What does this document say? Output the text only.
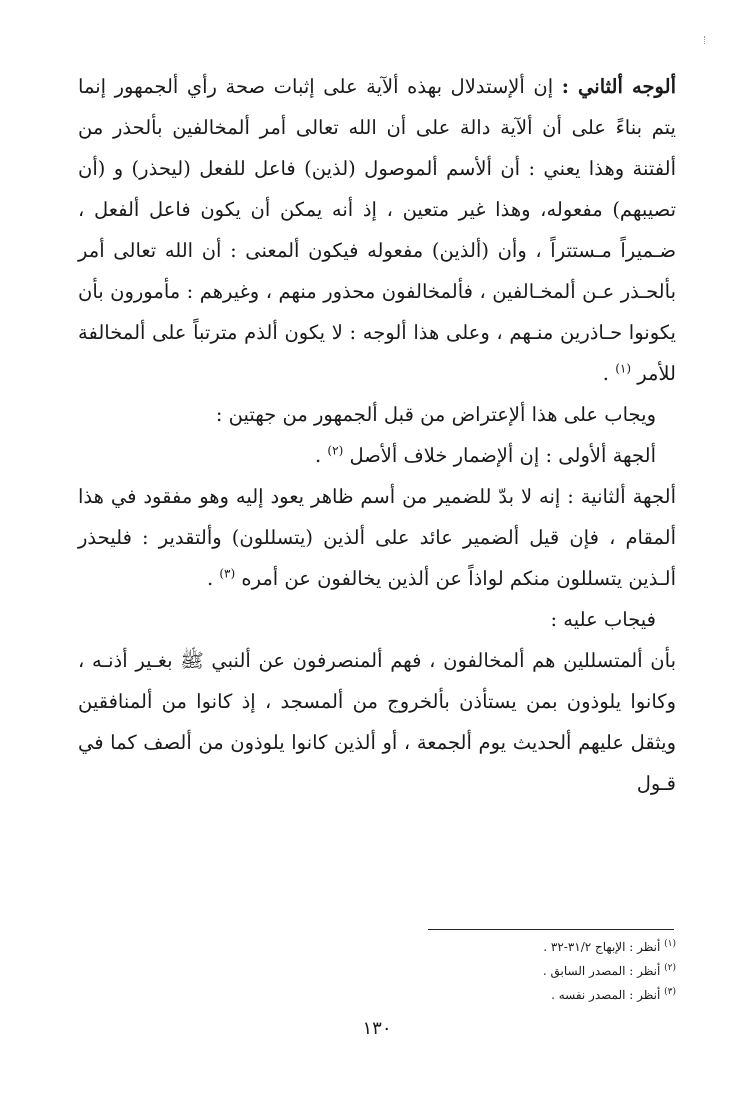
ألوجه ألثاني : إن ألإستدلال بهذه ألآية على إثبات صحة رأي ألجمهور إنما يتم بناءً على أن ألآية دالة على أن الله تعالى أمر ألمخالفين بألحذر من ألفتنة وهذا يعني : أن ألأسم ألموصول (لذين) فاعل للفعل (ليحذر) و (أن تصيبهم) مفعوله، وهذا غير متعين ، إذ أنه يمكن أن يكون فاعل ألفعل ، ضـميراً مـستتراً ، وأن (ألذين) مفعوله فيكون ألمعنى : أن الله تعالى أمر بألحـذر عـن ألمخـالفين ، فألمخالفون محذور منهم ، وغيرهم : مأمورون بأن يكونوا حـاذرين منـهم ، وعلى هذا ألوجه : لا يكون ألذم مترتباً على ألمخالفة للأمر $^{(١)}$ .

ويجاب على هذا ألإعتراض من قبل ألجمهور من جهتين :

ألجهة ألأولى : إن ألإضمار خلاف ألأصل $^{(٢)}$ .

ألجهة ألثانية : إنه لا بدّ للضمير من أسم ظاهر يعود إليه وهو مفقود في هذا ألمقام ، فإن قيل ألضمير عائد على ألذين (يتسللون) وألتقدير : فليحذر ألـذين يتسللون منكم لواذاً عن ألذين يخالفون عن أمره $^{(٣)}$ .

فيجاب عليه :

بأن ألمتسللين هم ألمخالفون ، فهم ألمنصرفون عن ألنبي ﷺ بغـير أذنـه ، وكانوا يلوذون بمن يستأذن بألخروج من ألمسجد ، إذ كانوا من ألمنافقين ويثقل عليهم ألحديث يوم ألجمعة ، أو ألذين كانوا يلوذون من ألصف كما في قـول

$^{(١)}$ أنظر : الإبهاج ٣١/٢-٣٢ .
$^{(٢)}$ أنظر : المصدر السابق .
$^{(٣)}$ أنظر : المصدر نفسه .
١٣٠
